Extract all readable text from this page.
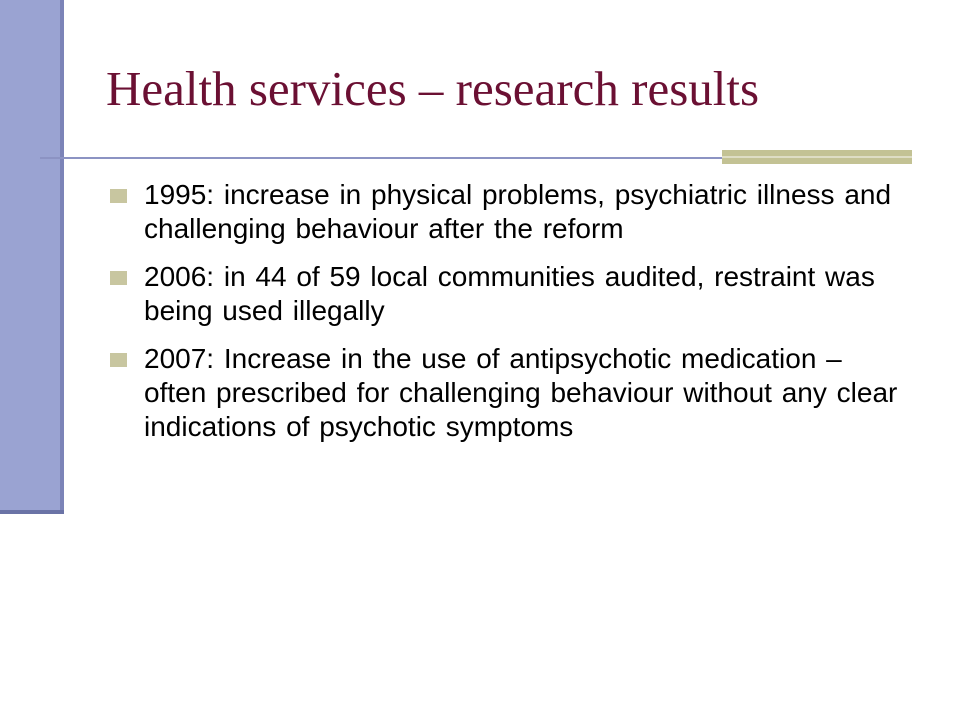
Health services – research results
1995: increase in physical problems, psychiatric illness and challenging behaviour after the reform
2006: in 44 of 59 local communities audited, restraint was being used illegally
2007: Increase in the use of antipsychotic medication – often prescribed for challenging behaviour without any clear indications of psychotic symptoms
